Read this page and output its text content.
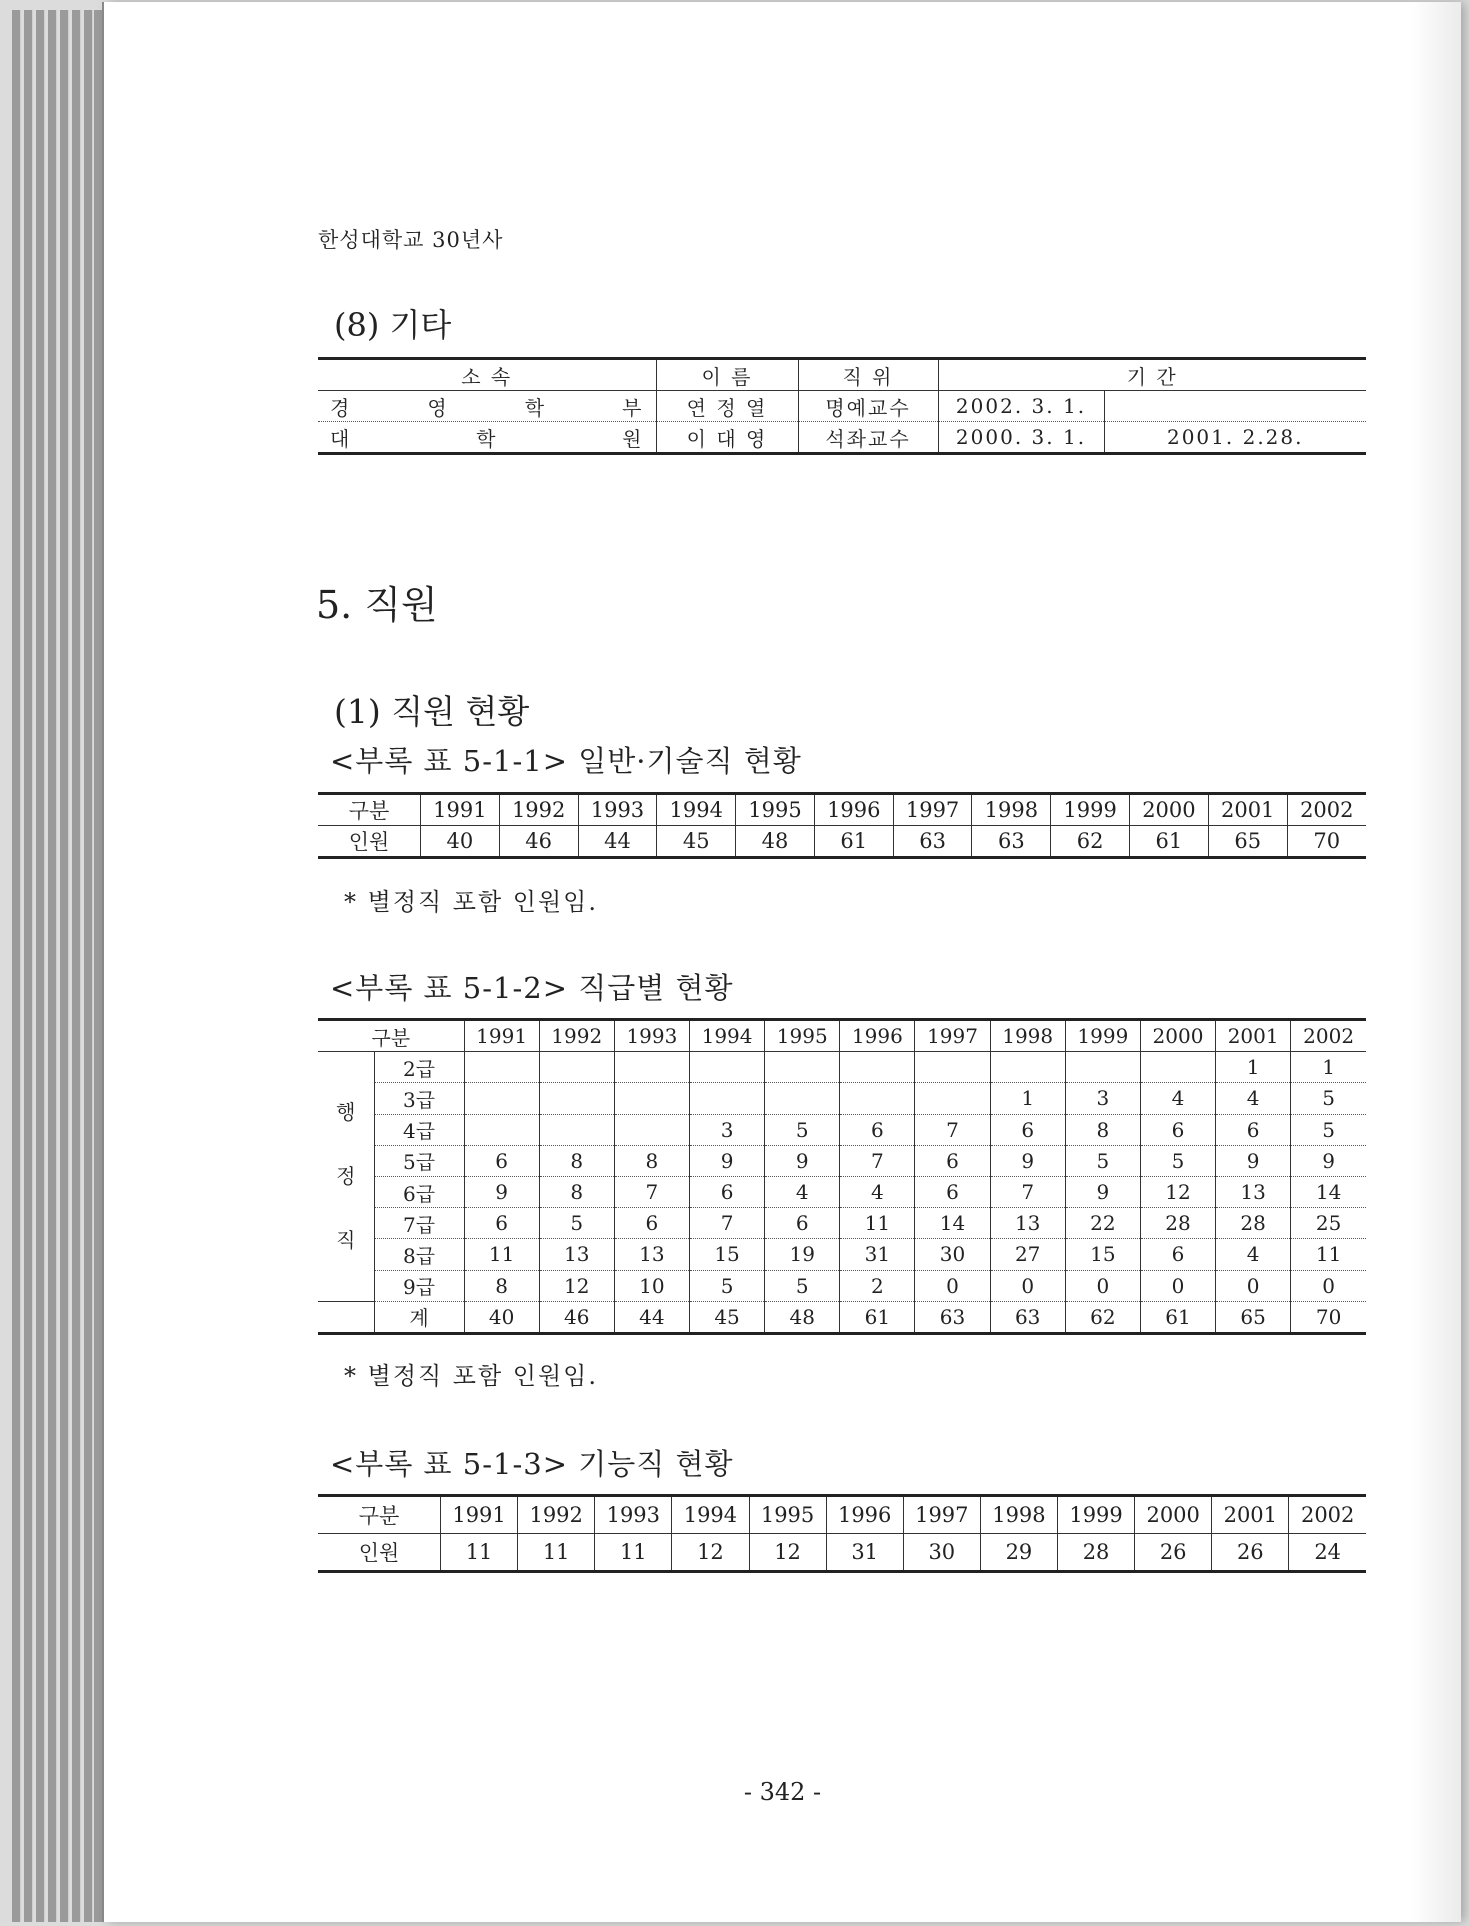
한성대학교 30년사
(8) 기타
소 속	이 름	직 위	기 간	

경 영 학 부	연 정 열	명예교수	2002. 3. 1.	

대 학 원	이 대 영	석좌교수	2000. 3. 1.	2001. 2.28.
5. 직원
(1) 직원 현황
<부록 표 5-1-1> 일반·기술직 현황
구분	1991	1992	1993	1994	1995	1996	1997	1998	1999	2000	2001	2002
인원	40	46	44	45	48	61	63	63	62	61	65	70
* 별정직 포함 인원임.
<부록 표 5-1-2> 직급별 현황
구분		1991	1992	1993	1994	1995	1996	1997	1998	1999	2000	2001	2002

행
정
직	2급											1	1
	3급								1	3	4	4	5
	4급				3	5	6	7	6	8	6	6	5
	5급	6	8	8	9	9	7	6	9	5	5	9	9
	6급	9	8	7	6	4	4	6	7	9	12	13	14
	7급	6	5	6	7	6	11	14	13	22	28	28	25
	8급	11	13	13	15	19	31	30	27	15	6	4	11
	9급	8	12	10	5	5	2	0	0	0	0	0	0
	계	40	46	44	45	48	61	63	63	62	61	65	70
* 별정직 포함 인원임.
<부록 표 5-1-3> 기능직 현황
구분	1991	1992	1993	1994	1995	1996	1997	1998	1999	2000	2001	2002
인원	11	11	11	12	12	31	30	29	28	26	26	24
- 342 -
